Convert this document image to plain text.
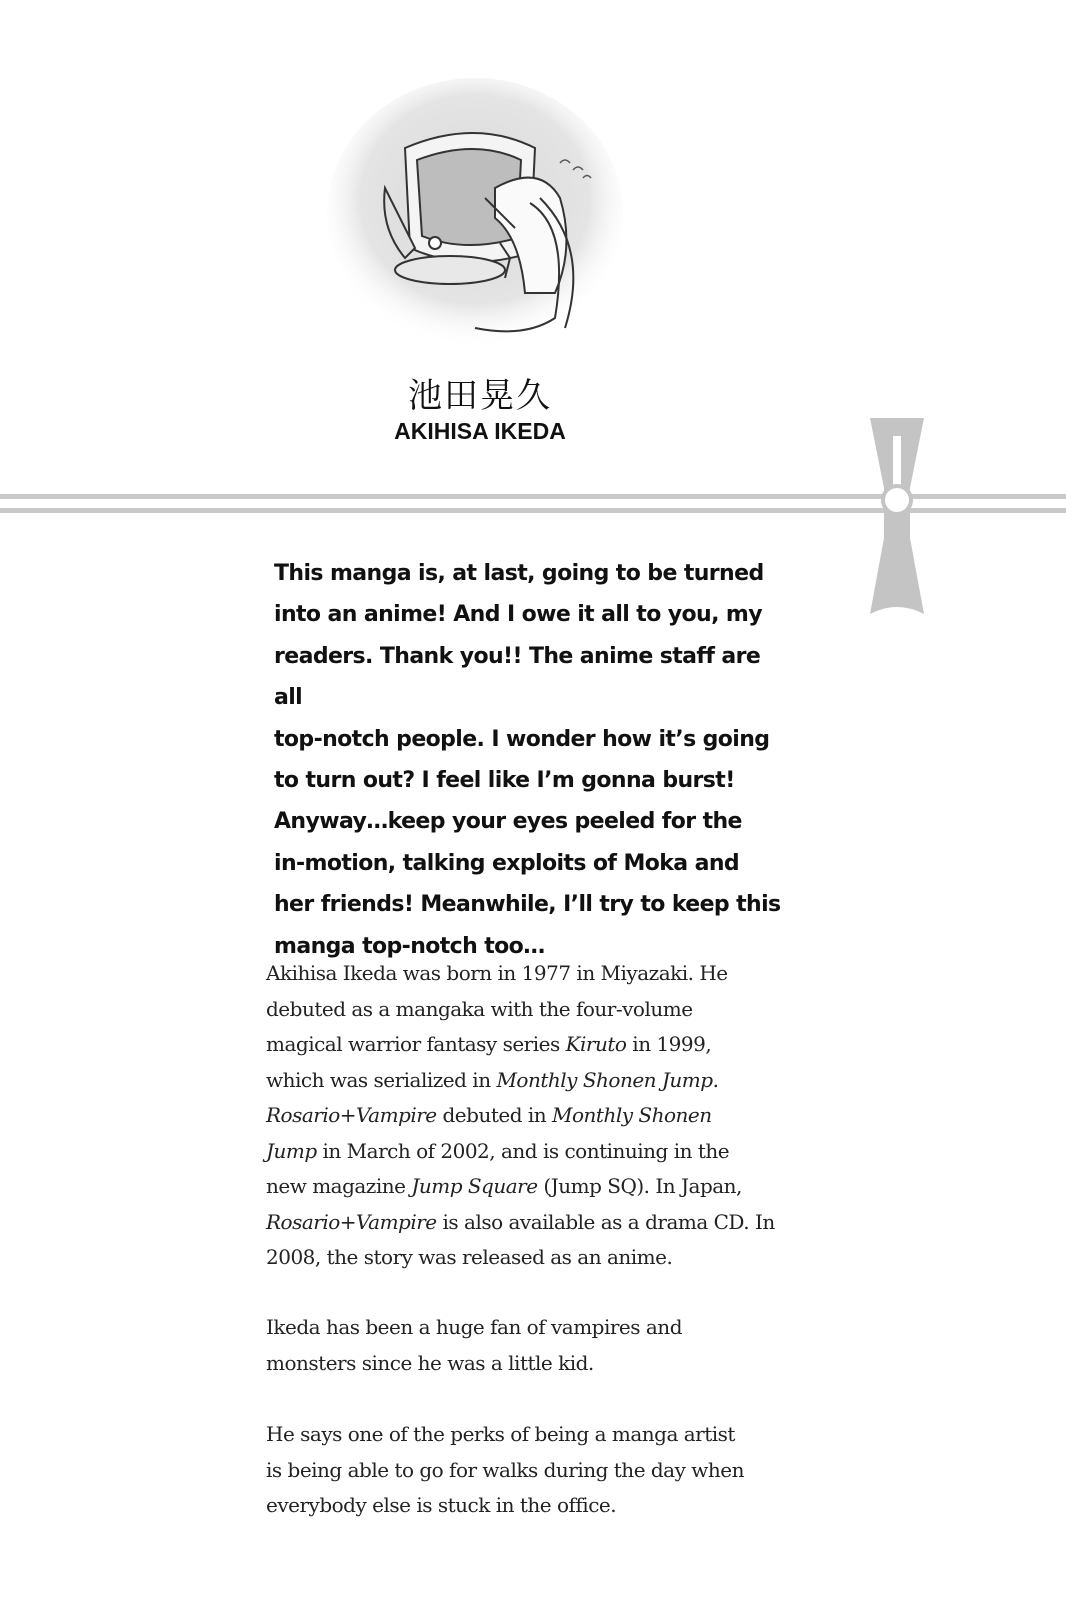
池田晃久
AKIHISA IKEDA
This manga is, at last, going to be turned
into an anime! And I owe it all to you, my
readers. Thank you!! The anime staff are all
top-notch people. I wonder how it’s going
to turn out? I feel like I’m gonna burst!
Anyway…keep your eyes peeled for the
in-motion, talking exploits of Moka and
her friends! Meanwhile, I’ll try to keep this
manga top-notch too…
Akihisa Ikeda was born in 1977 in Miyazaki. He
debuted as a mangaka with the four-volume
magical warrior fantasy series Kiruto in 1999,
which was serialized in Monthly Shonen Jump.
Rosario+Vampire debuted in Monthly Shonen
Jump in March of 2002, and is continuing in the
new magazine Jump Square (Jump SQ). In Japan,
Rosario+Vampire is also available as a drama CD. In
2008, the story was released as an anime.
Ikeda has been a huge fan of vampires and
monsters since he was a little kid.
He says one of the perks of being a manga artist
is being able to go for walks during the day when
everybody else is stuck in the office.
